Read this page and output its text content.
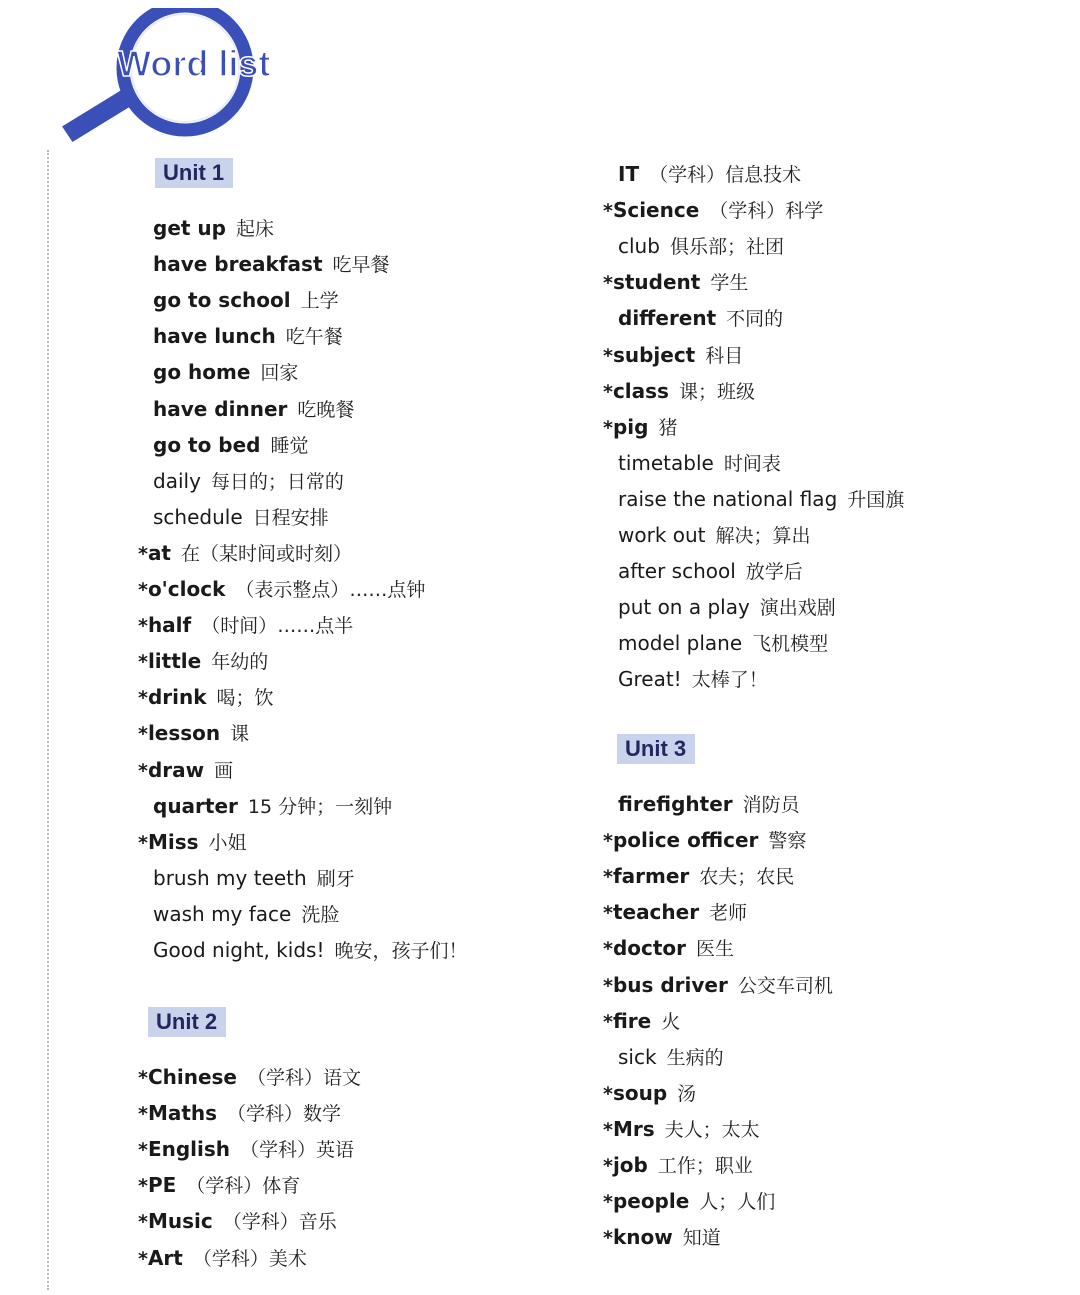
Word list
Unit 1
get up 起床
have breakfast 吃早餐
go to school 上学
have lunch 吃午餐
go home 回家
have dinner 吃晚餐
go to bed 睡觉
daily 每日的；日常的
schedule 日程安排
*at 在（某时间或时刻）
*o'clock （表示整点）……点钟
*half （时间）……点半
*little 年幼的
*drink 喝；饮
*lesson 课
*draw 画
quarter 15 分钟；一刻钟
*Miss 小姐
brush my teeth 刷牙
wash my face 洗脸
Good night, kids! 晚安，孩子们！
Unit 2
*Chinese （学科）语文
*Maths （学科）数学
*English （学科）英语
*PE （学科）体育
*Music （学科）音乐
*Art （学科）美术
IT （学科）信息技术
*Science （学科）科学
club 俱乐部；社团
*student 学生
different 不同的
*subject 科目
*class 课；班级
*pig 猪
timetable 时间表
raise the national flag 升国旗
work out 解决；算出
after school 放学后
put on a play 演出戏剧
model plane 飞机模型
Great! 太棒了！
Unit 3
firefighter 消防员
*police officer 警察
*farmer 农夫；农民
*teacher 老师
*doctor 医生
*bus driver 公交车司机
*fire 火
sick 生病的
*soup 汤
*Mrs 夫人；太太
*job 工作；职业
*people 人；人们
*know 知道
